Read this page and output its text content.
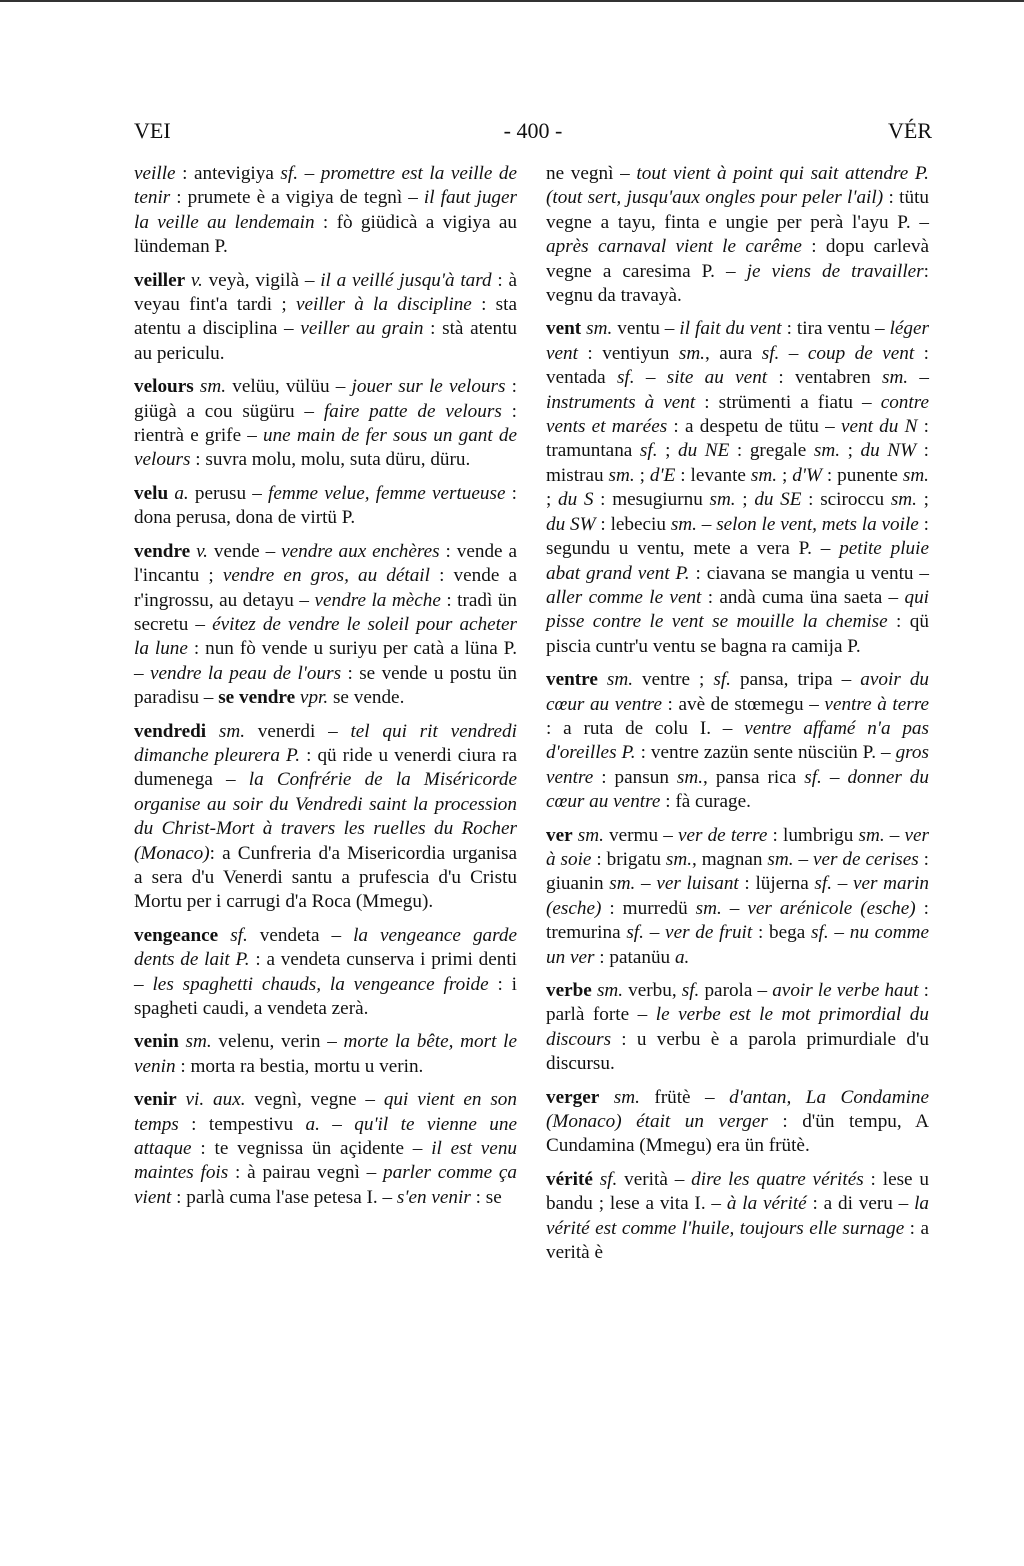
VEI	- 400 -	VÉR

veille : antevigiya sf. – promettre est la veille de tenir : prumete è a vigiya de tegnì – il faut juger la veille au lendemain : fò giüdicà a vigiya au lündeman P.

veiller v. veyà, vigilà – il a veillé jusqu'à tard : à veyau fint'a tardi ; veiller à la discipline : sta atentu a disciplina – veiller au grain : stà atentu au periculu.

velours sm. velüu, vülüu – jouer sur le velours : giügà a cou sügüru – faire patte de velours : rientrà e grife – une main de fer sous un gant de velours : suvra molu, molu, suta düru, düru.

velu a. perusu – femme velue, femme vertueuse : dona perusa, dona de virtü P.

vendre v. vende – vendre aux enchères : vende a l'incantu ; vendre en gros, au détail : vende a r'ingrossu, au detayu – vendre la mèche : tradì ün secretu – évitez de vendre le soleil pour acheter la lune : nun fò vende u suriyu per catà a lüna P. – vendre la peau de l'ours : se vende u postu ün paradisu – se vendre vpr. se vende.

vendredi sm. venerdi – tel qui rit vendredi dimanche pleurera P. : qü ride u venerdi ciura ra dumenega – la Confrérie de la Miséricorde organise au soir du Vendredi saint la procession du Christ-Mort à travers les ruelles du Rocher (Monaco): a Cunfreria d'a Misericordia urganisa a sera d'u Venerdi santu a prufescia d'u Cristu Mortu per i carrugi d'a Roca (Mmegu).

vengeance sf. vendeta – la vengeance garde dents de lait P. : a vendeta cunserva i primi denti – les spaghetti chauds, la vengeance froide : i spagheti caudi, a vendeta zerà.

venin sm. velenu, verin – morte la bête, mort le venin : morta ra bestia, mortu u verin.

venir vi. aux. vegnì, vegne – qui vient en son temps : tempestivu a. – qu'il te vienne une attaque : te vegnissa ün açidente – il est venu maintes fois : à pairau vegnì – parler comme ça vient : parlà cuma l'ase petesa I. – s'en venir : se

ne vegnì – tout vient à point qui sait attendre P. (tout sert, jusqu'aux ongles pour peler l'ail) : tütu vegne a tayu, finta e ungie per perà l'ayu P. – après carnaval vient le carême : dopu carlevà vegne a caresima P. – je viens de travailler: vegnu da travayà.

vent sm. ventu – il fait du vent : tira ventu – léger vent : ventiyun sm., aura sf. – coup de vent : ventada sf. – site au vent : ventabren sm. – instruments à vent : strümenti a fiatu – contre vents et marées : a despetu de tütu – vent du N : tramuntana sf. ; du NE : gregale sm. ; du NW : mistrau sm. ; d'E : levante sm. ; d'W : punente sm. ; du S : mesugiurnu sm. ; du SE : sciroccu sm. ; du SW : lebeciu sm. – selon le vent, mets la voile : segundu u ventu, mete a vera P. – petite pluie abat grand vent P. : ciavana se mangia u ventu – aller comme le vent : andà cuma üna saeta – qui pisse contre le vent se mouille la chemise : qü piscia cuntr'u ventu se bagna ra camija P.

ventre sm. ventre ; sf. pansa, tripa – avoir du cœur au ventre : avè de stœmegu – ventre à terre : a ruta de colu I. – ventre affamé n'a pas d'oreilles P. : ventre zazün sente nüsciün P. – gros ventre : pansun sm., pansa rica sf. – donner du cœur au ventre : fà curage.

ver sm. vermu – ver de terre : lumbrigu sm. – ver à soie : brigatu sm., magnan sm. – ver de cerises : giuanin sm. – ver luisant : lüjerna sf. – ver marin (esche) : murredü sm. – ver arénicole (esche) : tremurina sf. – ver de fruit : bega sf. – nu comme un ver : patanüu a.

verbe sm. verbu, sf. parola – avoir le verbe haut : parlà forte – le verbe est le mot primordial du discours : u verbu è a parola primurdiale d'u discursu.

verger sm. frütè – d'antan, La Condamine (Monaco) était un verger : d'ün tempu, A Cundamina (Mmegu) era ün frütè.

vérité sf. verità – dire les quatre vérités : lese u bandu ; lese a vita I. – à la vérité : a di veru – la vérité est comme l'huile, toujours elle surnage : a verità è
